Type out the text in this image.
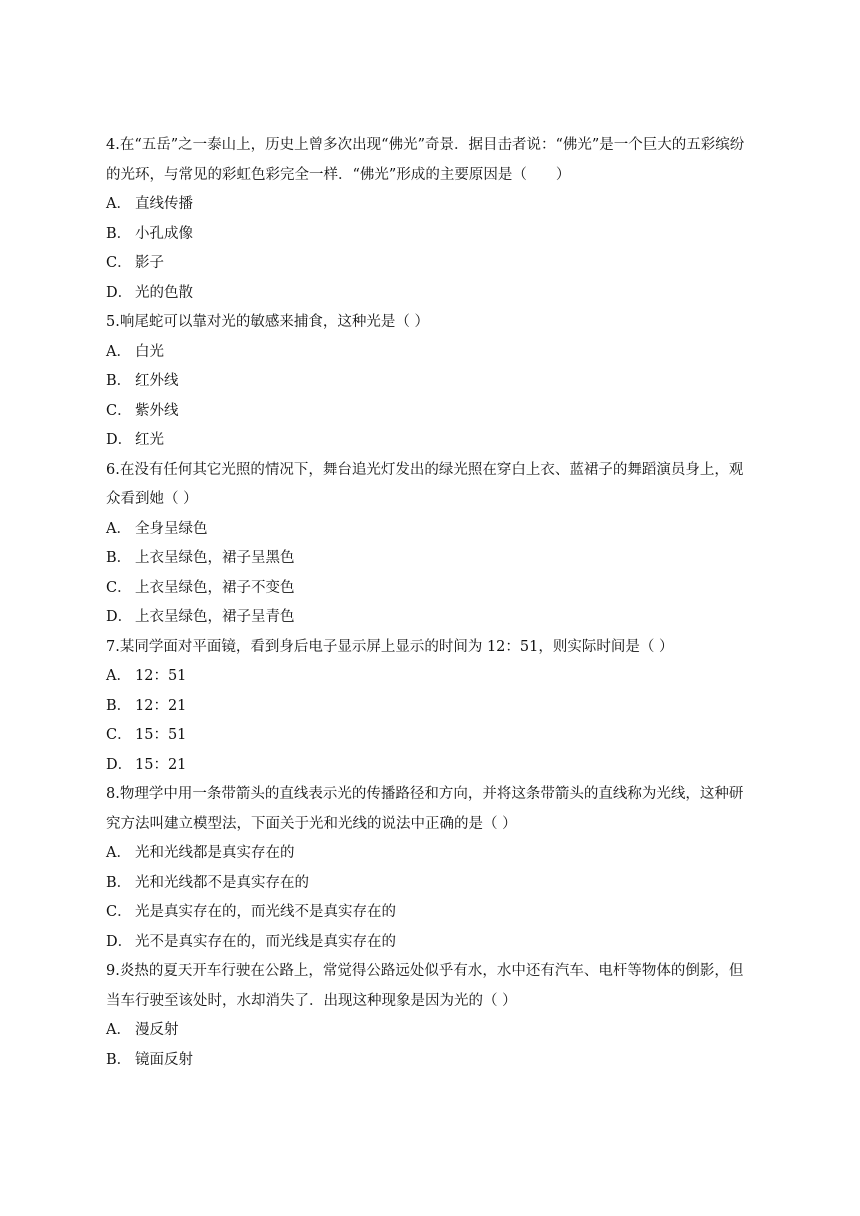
4.在“五岳”之一泰山上，历史上曾多次出现“佛光”奇景．据目击者说：“佛光”是一个巨大的五彩缤纷的光环，与常见的彩虹色彩完全一样．“佛光”形成的主要原因是（　　）

A． 直线传播

B． 小孔成像

C． 影子

D． 光的色散

5.响尾蛇可以靠对光的敏感来捕食，这种光是（ ）

A． 白光

B． 红外线

C． 紫外线

D． 红光

6.在没有任何其它光照的情况下，舞台追光灯发出的绿光照在穿白上衣、蓝裙子的舞蹈演员身上，观众看到她（ ）

A． 全身呈绿色

B． 上衣呈绿色，裙子呈黑色

C． 上衣呈绿色，裙子不变色

D． 上衣呈绿色，裙子呈青色

7.某同学面对平面镜，看到身后电子显示屏上显示的时间为 12：51，则实际时间是（ ）

A． 12：51

B． 12：21

C． 15：51

D． 15：21

8.物理学中用一条带箭头的直线表示光的传播路径和方向，并将这条带箭头的直线称为光线，这种研究方法叫建立模型法，下面关于光和光线的说法中正确的是（ ）

A． 光和光线都是真实存在的

B． 光和光线都不是真实存在的

C． 光是真实存在的，而光线不是真实存在的

D． 光不是真实存在的，而光线是真实存在的

9.炎热的夏天开车行驶在公路上，常觉得公路远处似乎有水，水中还有汽车、电杆等物体的倒影，但当车行驶至该处时，水却消失了．出现这种现象是因为光的（ ）

A． 漫反射

B． 镜面反射
